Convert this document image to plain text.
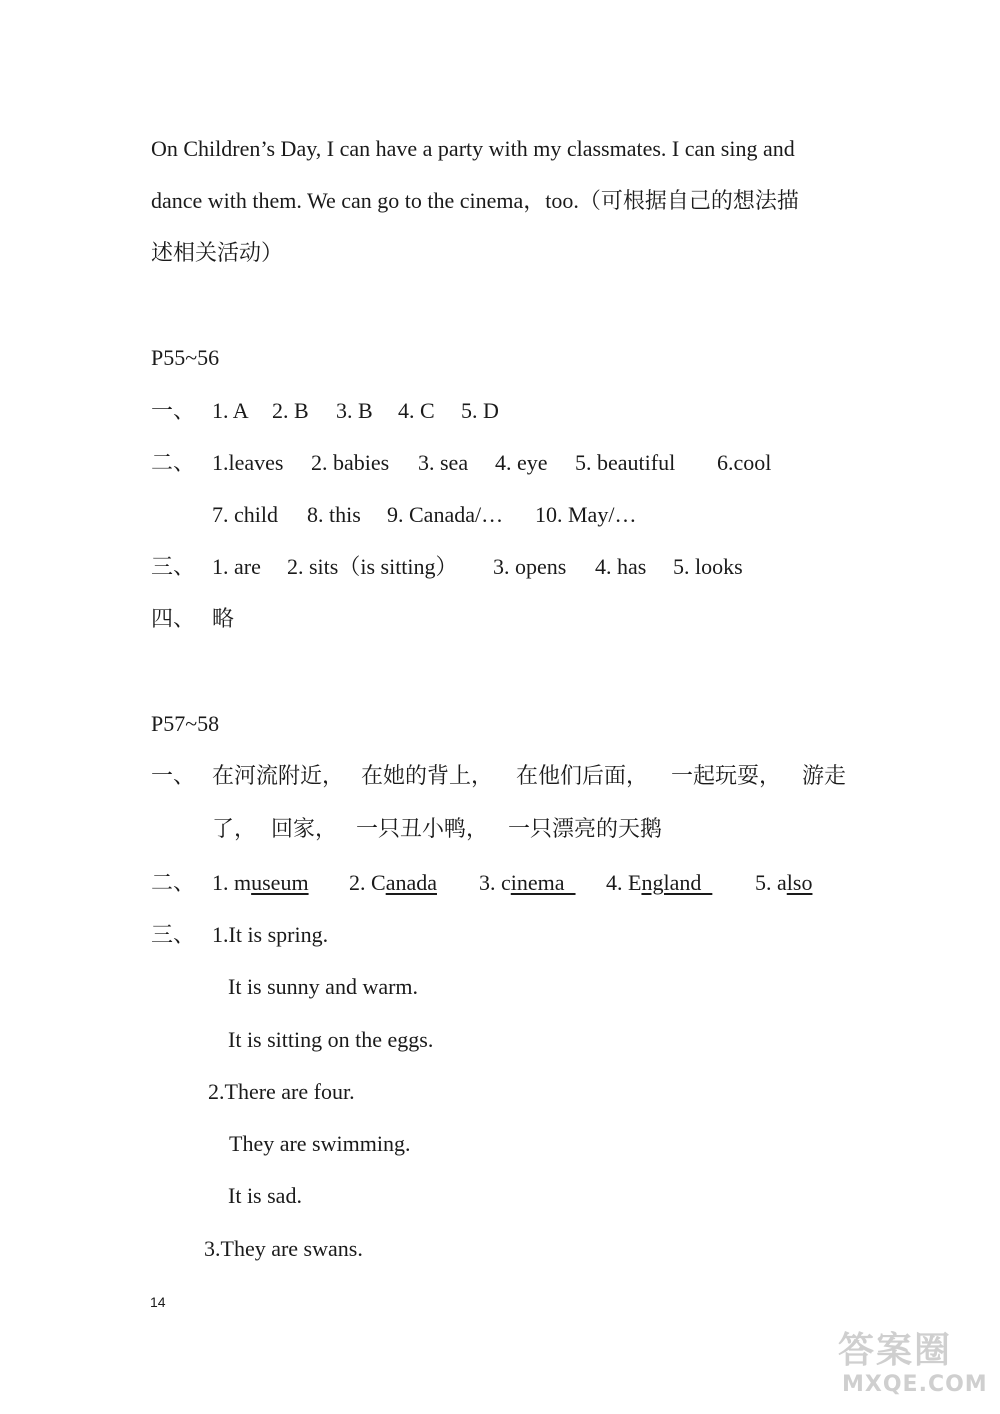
On Children’s Day, I can have a party with my classmates. I can sing and
dance with them. We can go to the cinema，too.（可根据自己的想法描
述相关活动）
P55~56
一、 1. A 2. B 3. B 4. C 5. D
二、 1.leaves 2. babies 3. sea 4. eye 5. beautiful 6.cool
7. child 8. this 9. Canada/… 10. May/…
三、 1. are 2. sits（is sitting） 3. opens 4. has 5. looks
四、 略
P57~58
一、 在河流附近， 在她的背上， 在他们后面， 一起玩耍， 游走
了， 回家， 一只丑小鸭， 一只漂亮的天鹅
二、 1. museum 2. Canada 3. cinema 4. England 5. also
三、 1.It is spring.
It is sunny and warm.
It is sitting on the eggs.
2.There are four.
They are swimming.
It is sad.
3.They are swans.
14
答案圈
MXQE.COM
